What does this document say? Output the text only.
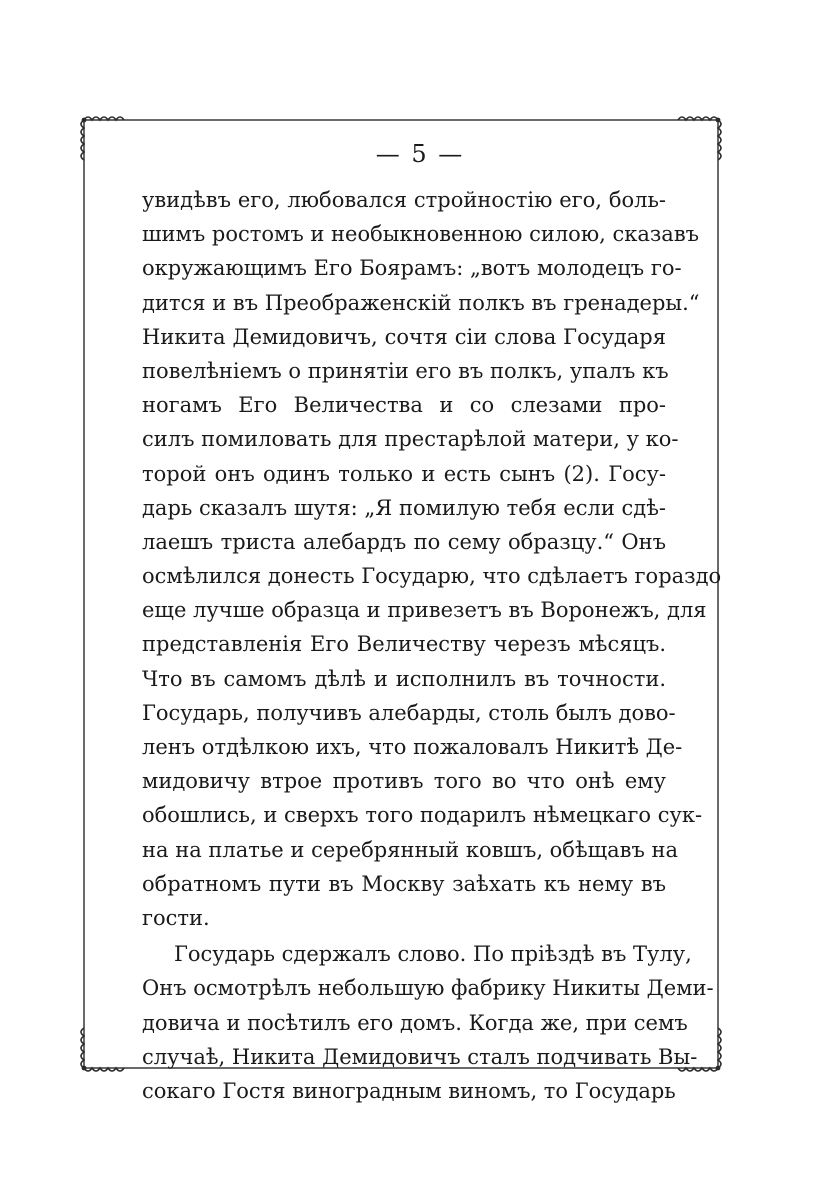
— 5 —
увидѣвъ его, любовался стройностію его, боль-
шимъ ростомъ и необыкновенною силою, сказавъ
окружающимъ Его Боярамъ: „вотъ молодецъ го-
дится и въ Преображенскій полкъ въ гренадеры.“
Никита Демидовичъ, сочтя сіи слова Государя
повелѣніемъ о принятіи его въ полкъ, упалъ къ
ногамъ Его Величества и со слезами про-
силъ помиловать для престарѣлой матери, у ко-
торой онъ одинъ только и есть сынъ (2). Госу-
дарь сказалъ шутя: „Я помилую тебя если сдѣ-
лаешъ триста алебардъ по сему образцу.“ Онъ
осмѣлился донесть Государю, что сдѣлаетъ гораздо
еще лучше образца и привезетъ въ Воронежъ, для
представленія Его Величеству черезъ мѣсяцъ.
Что въ самомъ дѣлѣ и исполнилъ въ точности.
Государь, получивъ алебарды, столь былъ дово-
ленъ отдѣлкою ихъ, что пожаловалъ Никитѣ Де-
мидовичу втрое противъ того во что онѣ ему
обошлись, и сверхъ того подарилъ нѣмецкаго сук-
на на платье и серебрянный ковшъ, обѣщавъ на
обратномъ пути въ Москву заѣхать къ нему въ
гости.
Государь сдержалъ слово. По пріѣздѣ въ Тулу,
Онъ осмотрѣлъ небольшую фабрику Никиты Деми-
довича и посѣтилъ его домъ. Когда же, при семъ
случаѣ, Никита Демидовичъ сталъ подчивать Вы-
сокаго Гостя виноградным винoмъ, то Государь
